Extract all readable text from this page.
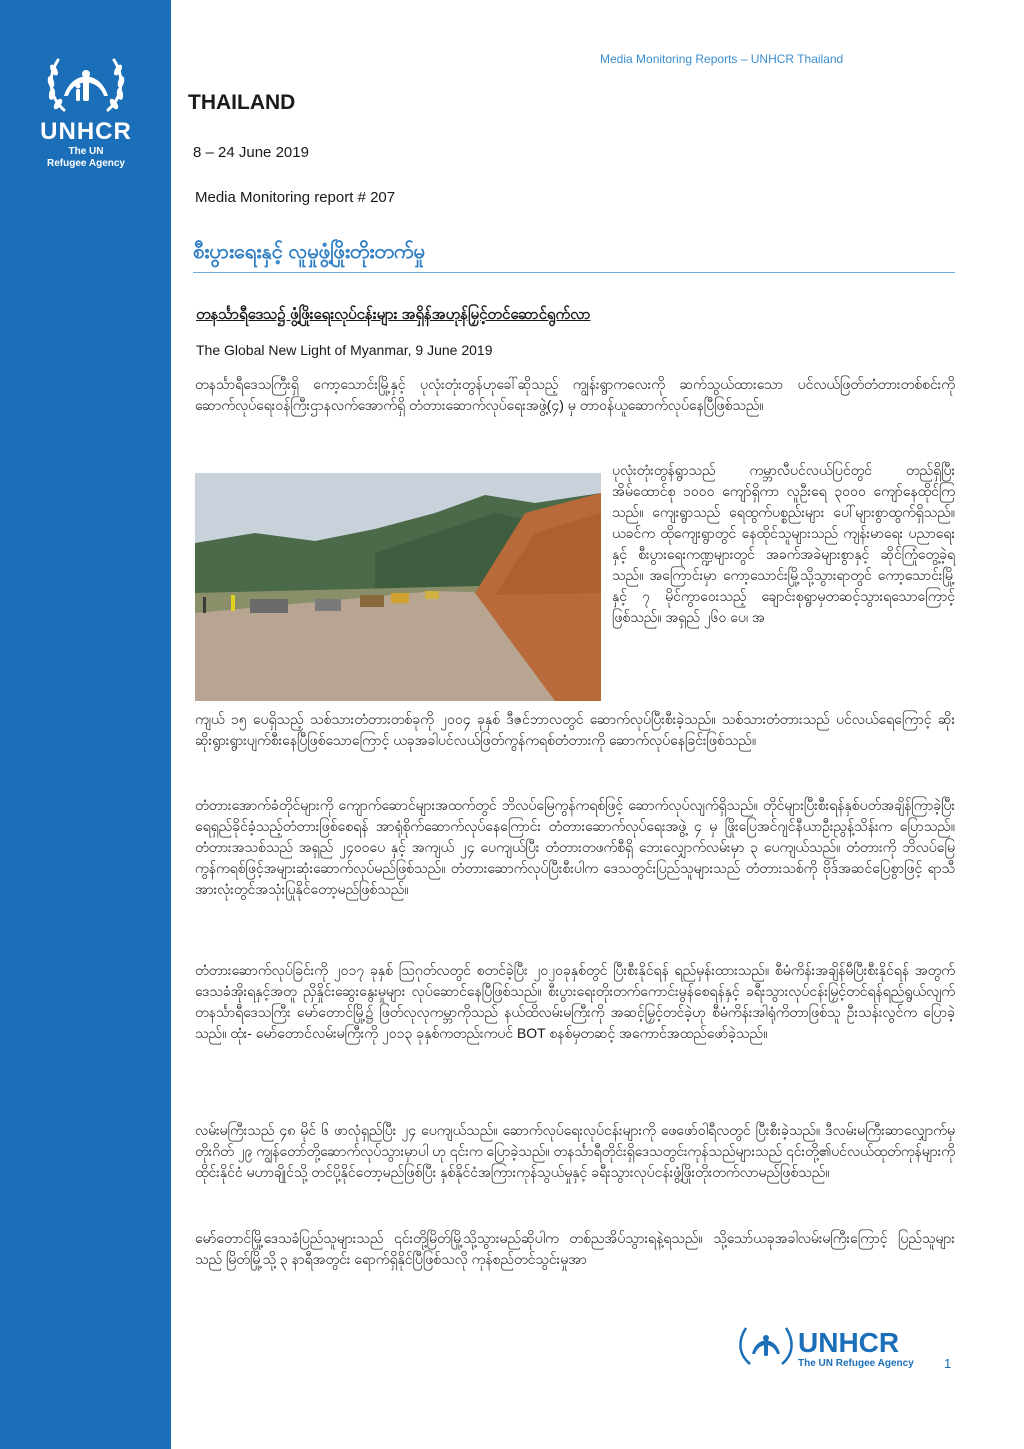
UNHCR
The UN
Refugee Agency
Media Monitoring Reports – UNHCR Thailand
THAILAND
8 – 24 June 2019
Media Monitoring report # 207
စီးပွားရေးနှင့် လူမှုဖွံ့ဖြိုးတိုးတက်မှု
တနင်္သာရီဒေသ၌ ဖွံ့ဖြိုးရေးလုပ်ငန်းများ အရှိန်အဟုန်မြှင့်တင်ဆောင်ရွက်လာ
The Global New Light of Myanmar, 9 June 2019
တနင်္သာရီဒေသကြီးရှိ ကော့သောင်းမြို့နှင့် ပုလုံးတုံးတွန်ဟုခေါ်ဆိုသည့် ကျွန်းရွာကလေးကို ဆက်သွယ်ထားသော ပင်လယ်ဖြတ်တံတားတစ်စင်းကို ဆောက်လုပ်ရေးဝန်ကြီးဌာနလက်အောက်ရှိ တံတားဆောက်လုပ်ရေးအဖွဲ့(၄) မှ တာဝန်ယူဆောက်လုပ်နေပြီဖြစ်သည်။
ပုလုံးတုံးတွန်ရွာသည် ကမ္ဘာလီပင်လယ်ပြင်တွင် တည်ရှိပြီး အိမ်ထောင်စု ၁၀၀၀ ကျော်ရှိကာ လူဦးရေ ၃၀၀၀ ကျော်နေထိုင်ကြသည်။ ကျေးရွာသည် ရေထွက်ပစ္စည်းများ ပေါ်များစွာထွက်ရှိသည်။ ယခင်က ထိုကျေးရွာတွင် နေထိုင်သူများသည် ကျန်းမာရေး ပညာရေးနှင့် စီးပွားရေးကဏ္ဍများတွင် အခက်အခဲများစွာနှင့် ဆိုင်ကြုံတွေ့ခဲ့ရသည်။ အကြောင်းမှာ ကော့သောင်းမြို့သို့သွားရာတွင် ကော့သောင်းမြို့နှင့် ၇ မိုင်ကွာဝေးသည့် ချောင်းစုရွာမှတဆင့်သွားရသောကြောင့်ဖြစ်သည်။ အရှည် ၂၆၀ ပေ၊ အ
ကျယ် ၁၅ ပေရှိသည့် သစ်သားတံတားတစ်ခုကို ၂၀၀၄ ခုနှစ် ဒီဇင်ဘာလတွင် ဆောက်လုပ်ပြီးစီးခဲ့သည်။ သစ်သားတံတားသည် ပင်လယ်ရေကြောင့် ဆိုးဆိုးရွားရွားပျက်စီးနေပြီဖြစ်သောကြောင့် ယခုအခါပင်လယ်ဖြတ်ကွန်ကရစ်တံတားကို ဆောက်လုပ်နေခြင်းဖြစ်သည်။
တံတားအောက်ခံတိုင်များကို ကျောက်ဆောင်များအထက်တွင် ဘိလပ်မြေကွန်ကရစ်ဖြင့် ဆောက်လုပ်လျက်ရှိသည်။ တိုင်များပြီးစီးရန်နှစ်ပတ်အချိန်ကြာခဲ့ပြီး ရေရှည်ခိုင်ခံ့သည့်တံတားဖြစ်စေရန် အာရုံစိုက်ဆောက်လုပ်နေကြောင်း တံတားဆောက်လုပ်ရေးအဖွဲ့ ၄ မှ ဖြိုးပြေအင်ဂျင်နီယာဦးညွန့်သိန်းက ပြောသည်။ တံတားအသစ်သည် အရှည် ၂၄၀၀ပေ နှင့် အကျယ် ၂၄ ပေကျယ်ပြီး တံတားတဖက်စီရှိ ဘေးလျှောက်လမ်းမှာ ၃ ပေကျယ်သည်။ တံတားကို ဘိလပ်မြေကွန်ကရစ်ဖြင့်အများဆုံးဆောက်လုပ်မည်ဖြစ်သည်။ တံတားဆောက်လုပ်ပြီးစီးပါက ဒေသတွင်းပြည်သူများသည် တံတားသစ်ကို ဗိုဒ်အဆင်ပြေစွာဖြင့် ရာသီအားလုံးတွင်အသုံးပြုနိုင်တော့မည်ဖြစ်သည်။
တံတားဆောက်လုပ်ခြင်းကို ၂၀၁၇ ခုနှစ် ဩဂုတ်လတွင် စတင်ခဲ့ပြီး ၂၀၂၀ခုနှစ်တွင် ပြီးစီးနိုင်ရန် ရည်မှန်းထားသည်။ စီမံကိန်းအချိန်မီပြီးစီးနိုင်ရန် အတွက် ဒေသခံအိုးရနှင့်အတူ ညှိနှိုင်းဆွေးနွေးမှုများ လုပ်ဆောင်နေပြီဖြစ်သည်။ စီးပွားရေးတိုးတက်ကောင်းမွန်စေရန်နှင့် ခရီးသွားလုပ်ငန်းမြှင့်တင်ရန်ရည်ရွယ်လျက် တနင်္သာရီဒေသကြီး မော်တောင်မြို့၌ ဖြတ်လုလုကမ္ဘာကိုသည် နယ်ထိလမ်းမကြီးကို အဆင့်မြှင့်တင်ခဲ့ဟု စီမံကိန်းအါရုံကိတာဖြစ်သူ ဦးသန်းလွင်က ပြောခဲ့သည်။ ထုံး- မော်တောင်လမ်းမကြီးကို ၂၀၁၃ ခုနှစ်ကတည်းကပင် BOT စနစ်မှတဆင့် အကောင်အထည်ဖော်ခဲ့သည်။
လမ်းမကြီးသည် ၄၈ မိုင် ၆ ဖာလုံရှည်ပြီး ၂၄ ပေကျယ်သည်။ ဆောက်လုပ်ရေးလုပ်ငန်းများကို ဖေဖော်ဝါရီလတွင် ပြီးစီးခဲ့သည်။ ဒီလမ်းမကြီးဆာလျှောက်မှ တိုးဂိတ် ၂၉ ကျွန်တော်တို့ဆောက်လုပ်သွားမှာပါ ဟု ၎င်းက ပြောခဲ့သည်။ တနင်္သာရီတိုင်းရှိဒေသတွင်းကုန်သည်များသည် ၎င်းတို့၏ပင်လယ်ထုတ်ကုန်များကို ထိုင်းနိုင်ငံ မဟာချိုင်သို့ တင်ပို့နိုင်တော့မည်ဖြစ်ပြီး နှစ်နိုင်ငံအကြားကုန်သွယ်မှုနှင့် ခရီးသွားလုပ်ငန်းဖွံ့ဖြိုးတိုးတက်လာမည်ဖြစ်သည်။
မော်တောင်မြို့ဒေသခံပြည်သူများသည် ၎င်းတို့မြိတ်မြို့သို့သွားမည်ဆိုပါက တစ်ညအိပ်သွားရနဲ့ရသည်။ သို့သော်ယခုအခါလမ်းမကြီးကြောင့် ပြည်သူများသည် မြိတ်မြို့သို့ ၃ နာရီအတွင်း ရောက်ရှိနိုင်ပြီဖြစ်သလို ကုန်စည်တင်သွင်းမှုအာ
UNHCR
The UN Refugee Agency 1
